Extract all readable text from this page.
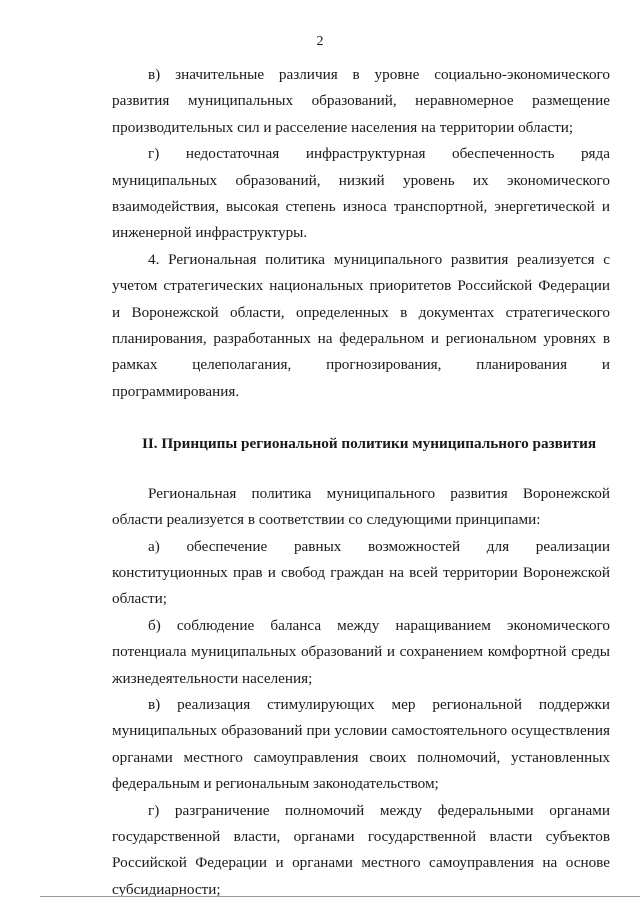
2

в) значительные различия в уровне социально-экономического развития муниципальных образований, неравномерное размещение производительных сил и расселение населения на территории области;

г) недостаточная инфраструктурная обеспеченность ряда муниципальных образований, низкий уровень их экономического взаимодействия, высокая степень износа транспортной, энергетической и инженерной инфраструктуры.

4. Региональная политика муниципального развития реализуется с учетом стратегических национальных приоритетов Российской Федерации и Воронежской области, определенных в документах стратегического планирования, разработанных на федеральном и региональном уровнях в рамках целеполагания, прогнозирования, планирования и программирования.

II. Принципы региональной политики муниципального развития

Региональная политика муниципального развития Воронежской области реализуется в соответствии со следующими принципами:

а) обеспечение равных возможностей для реализации конституционных прав и свобод граждан на всей территории Воронежской области;

б) соблюдение баланса между наращиванием экономического потенциала муниципальных образований и сохранением комфортной среды жизнедеятельности населения;

в) реализация стимулирующих мер региональной поддержки муниципальных образований при условии самостоятельного осуществления органами местного самоуправления своих полномочий, установленных федеральным и региональным законодательством;

г) разграничение полномочий между федеральными органами государственной власти, органами государственной власти субъектов Российской Федерации и органами местного самоуправления на основе субсидиарности;
